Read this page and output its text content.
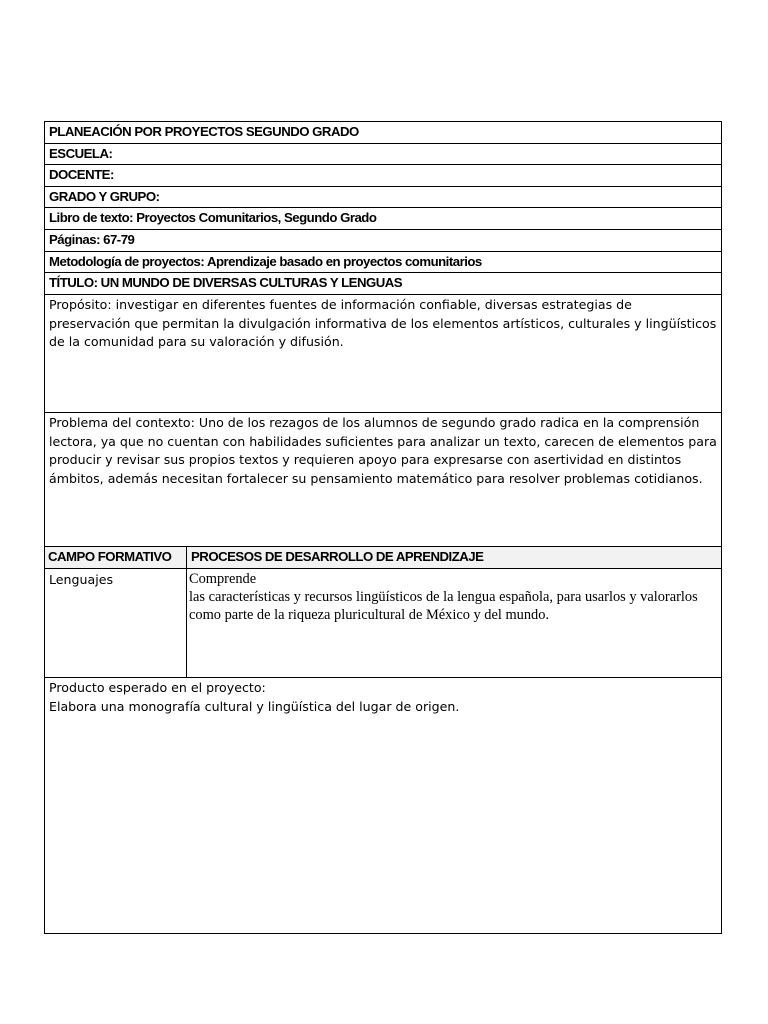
PLANEACIÓN POR PROYECTOS SEGUNDO GRADO	
ESCUELA:	
DOCENTE:	
GRADO Y GRUPO:	
Libro de texto: Proyectos Comunitarios, Segundo Grado	
Páginas: 67-79	
Metodología de proyectos: Aprendizaje basado en proyectos comunitarios	
TÍTULO: UN MUNDO DE DIVERSAS CULTURAS Y LENGUAS	
Propósito: investigar en diferentes fuentes de información confiable, diversas estrategias de preservación que permitan la divulgación informativa de los elementos artísticos, culturales y lingüísticos de la comunidad para su valoración y difusión.	
Problema del contexto: Uno de los rezagos de los alumnos de segundo grado radica en la comprensión lectora, ya que no cuentan con habilidades suficientes para analizar un texto, carecen de elementos para producir y revisar sus propios textos y requieren apoyo para expresarse con asertividad en distintos ámbitos, además necesitan fortalecer su pensamiento matemático para resolver problemas cotidianos.	
CAMPO FORMATIVO	PROCESOS DE DESARROLLO DE APRENDIZAJE
Lenguajes	Comprende
las características y recursos lingüísticos de la lengua española, para usarlos y valorarlos como parte de la riqueza pluricultural de México y del mundo.

Producto esperado en el proyecto:
Elabora una monografía cultural y lingüística del lugar de origen.	
